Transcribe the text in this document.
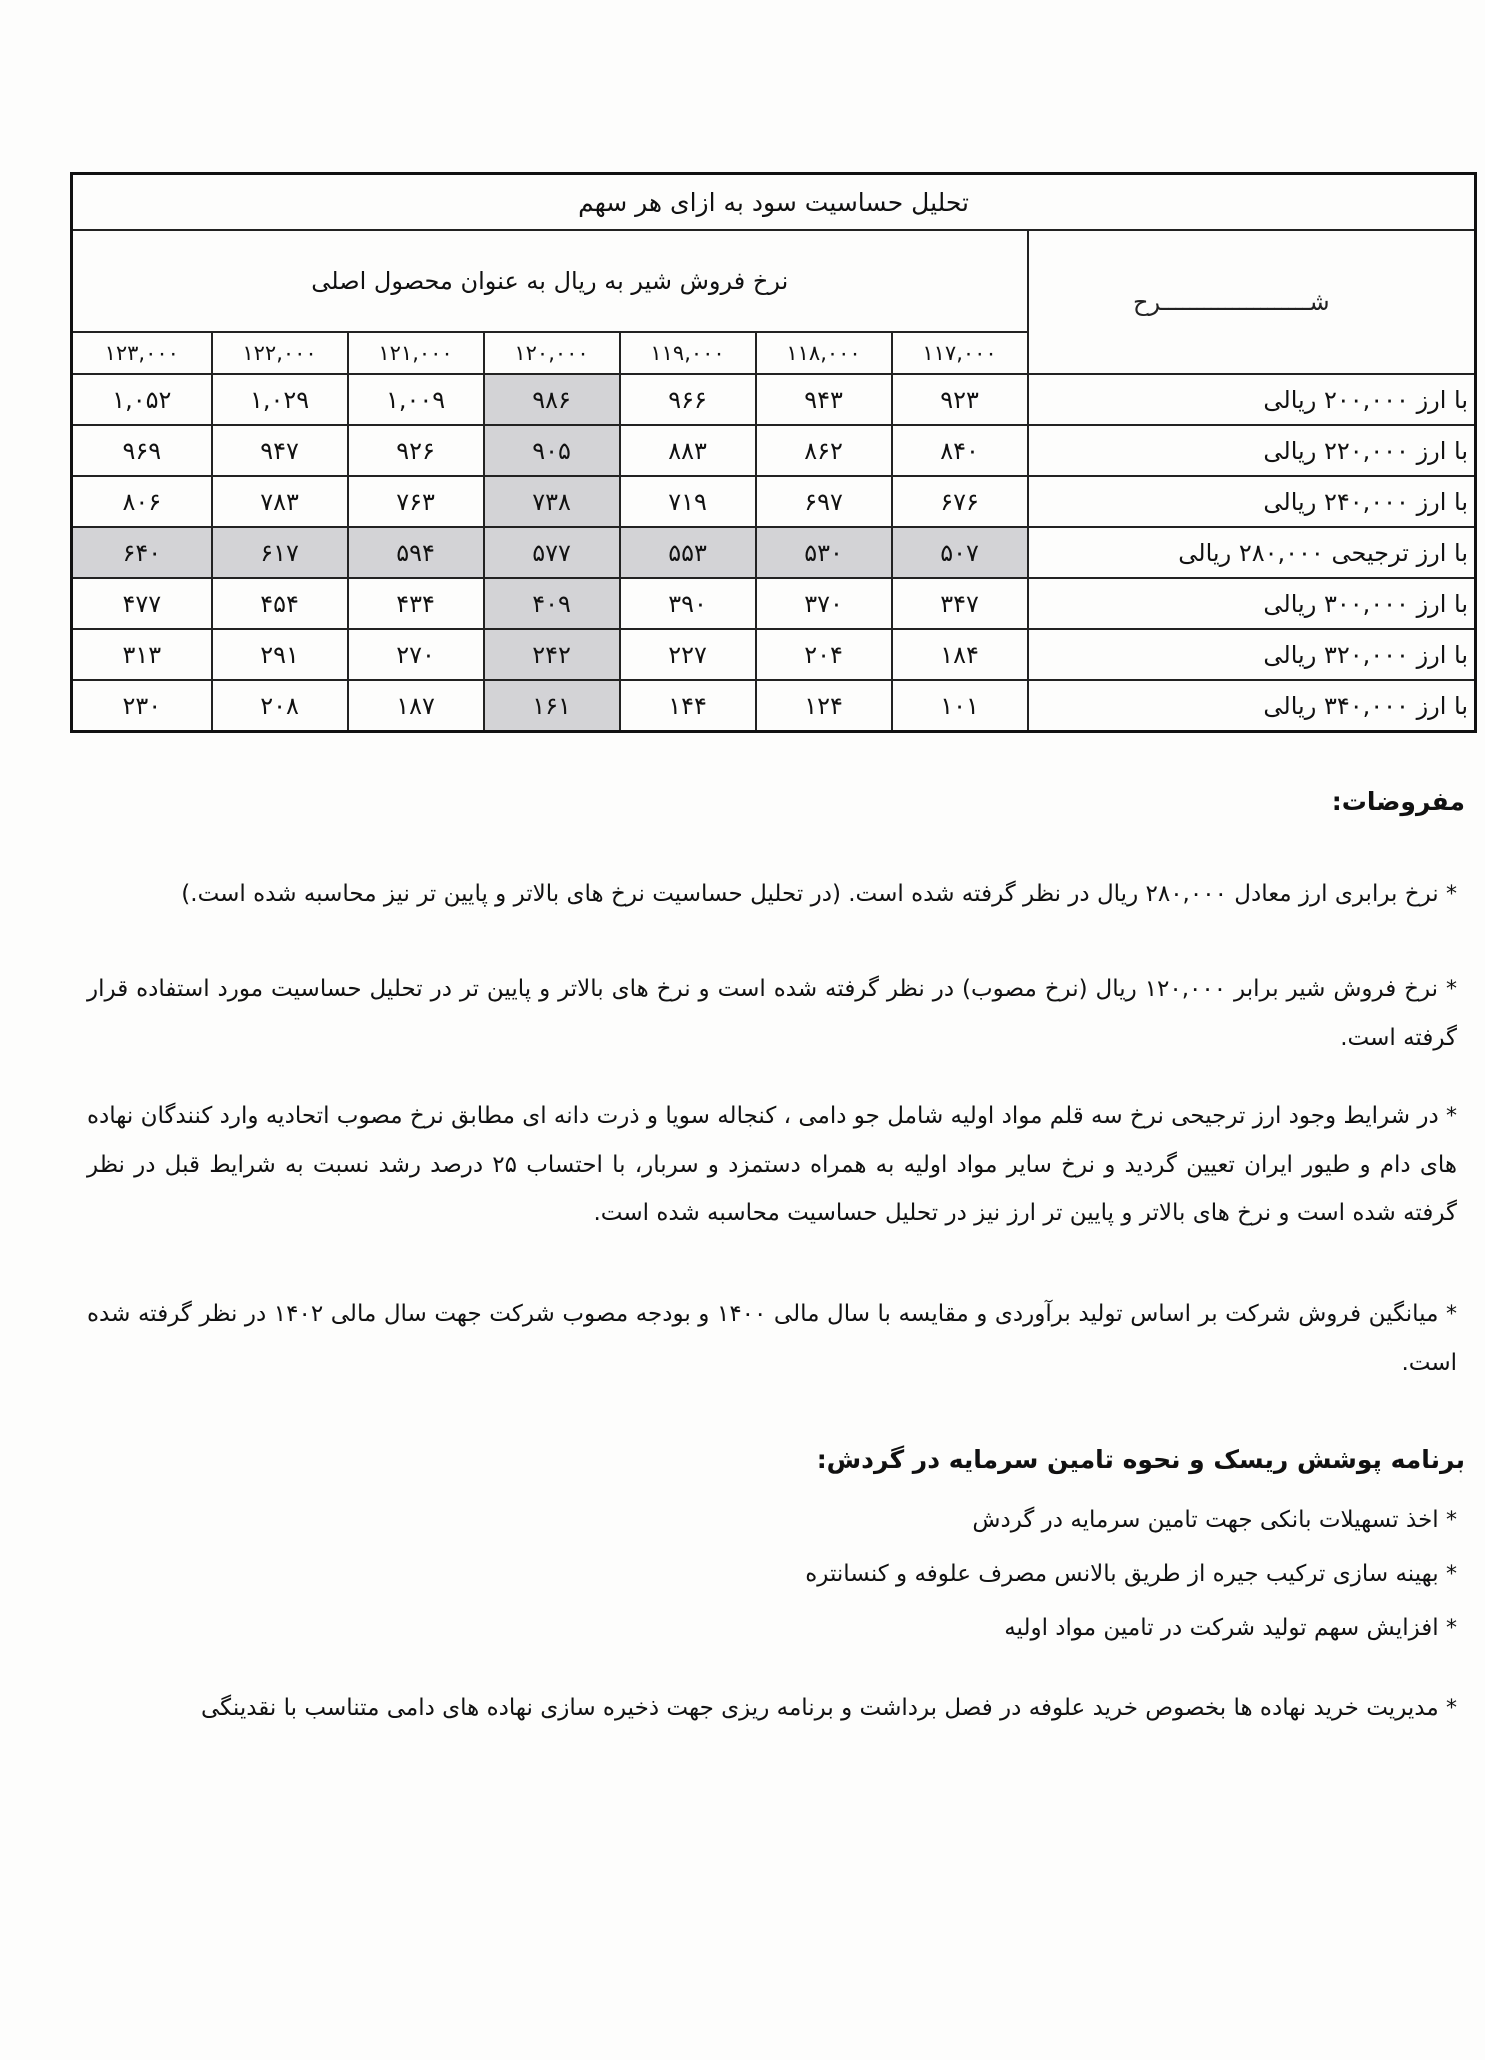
تحلیل حساسیت سود به ازای هر سهم							
شـــــــــــــــــــــرح	نرخ فروش شیر به ریال به عنوان محصول اصلی						
	۱۱۷,۰۰۰	۱۱۸,۰۰۰	۱۱۹,۰۰۰	۱۲۰,۰۰۰	۱۲۱,۰۰۰	۱۲۲,۰۰۰	۱۲۳,۰۰۰
با ارز ۲۰۰,۰۰۰ ریالی	۹۲۳	۹۴۳	۹۶۶	۹۸۶	۱,۰۰۹	۱,۰۲۹	۱,۰۵۲
با ارز ۲۲۰,۰۰۰ ریالی	۸۴۰	۸۶۲	۸۸۳	۹۰۵	۹۲۶	۹۴۷	۹۶۹
با ارز ۲۴۰,۰۰۰ ریالی	۶۷۶	۶۹۷	۷۱۹	۷۳۸	۷۶۳	۷۸۳	۸۰۶
با ارز ترجیحی ۲۸۰,۰۰۰ ریالی	۵۰۷	۵۳۰	۵۵۳	۵۷۷	۵۹۴	۶۱۷	۶۴۰
با ارز ۳۰۰,۰۰۰ ریالی	۳۴۷	۳۷۰	۳۹۰	۴۰۹	۴۳۴	۴۵۴	۴۷۷
با ارز ۳۲۰,۰۰۰ ریالی	۱۸۴	۲۰۴	۲۲۷	۲۴۲	۲۷۰	۲۹۱	۳۱۳
با ارز ۳۴۰,۰۰۰ ریالی	۱۰۱	۱۲۴	۱۴۴	۱۶۱	۱۸۷	۲۰۸	۲۳۰
مفروضات:
* نرخ برابری ارز معادل ۲۸۰,۰۰۰ ریال در نظر گرفته شده است. (در تحلیل حساسیت نرخ های بالاتر و پایین تر نیز محاسبه شده است.)
* نرخ فروش شیر برابر ۱۲۰,۰۰۰ ریال (نرخ مصوب) در نظر گرفته شده است و نرخ های بالاتر و پایین تر در تحلیل حساسیت مورد استفاده قرار گرفته است.
* در شرایط وجود ارز ترجیحی نرخ سه قلم مواد اولیه شامل جو دامی ، کنجاله سویا و ذرت دانه ای مطابق نرخ مصوب اتحادیه وارد کنندگان نهاده های دام و طیور ایران تعیین گردید و نرخ سایر مواد اولیه به همراه دستمزد و سربار، با احتساب ۲۵ درصد رشد نسبت به شرایط قبل در نظر گرفته شده است و نرخ های بالاتر و پایین تر ارز نیز در تحلیل حساسیت محاسبه شده است.
* میانگین فروش شرکت بر اساس تولید برآوردی و مقایسه با سال مالی ۱۴۰۰ و بودجه مصوب شرکت جهت سال مالی ۱۴۰۲ در نظر گرفته شده است.
برنامه پوشش ریسک و نحوه تامین سرمایه در گردش:
* اخذ تسهیلات بانکی جهت تامین سرمایه در گردش
* بهینه سازی ترکیب جیره از طریق بالانس مصرف علوفه و کنسانتره
* افزایش سهم تولید شرکت در تامین مواد اولیه
* مدیریت خرید نهاده ها بخصوص خرید علوفه در فصل برداشت و برنامه ریزی جهت ذخیره سازی نهاده های دامی متناسب با نقدینگی
